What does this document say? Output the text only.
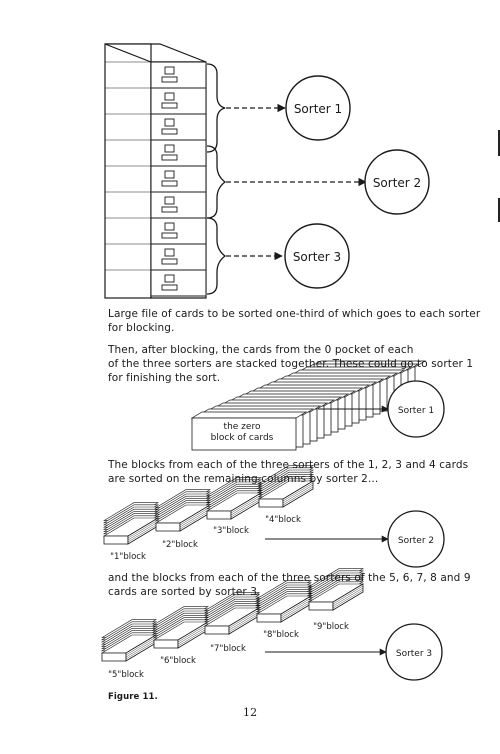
Sorter 1
Sorter 2
Sorter 3
the zero
block of cards
Sorter 1
"1"block
"2"block
"3"block
"4"block
Sorter 2
"5"block
"6"block
"7"block
"8"block
"9"block
Sorter 3

Large file of cards to be sorted one-third of which goes to each sorter

for blocking.

Then, after blocking, the cards from the 0 pocket of each

of the three sorters are stacked together. These could go to sorter 1

for finishing the sort.

The blocks from each of the three sorters of the 1, 2, 3 and 4 cards

are sorted on the remaining columns by sorter 2...

and the blocks from each of the three sorters of the 5, 6, 7, 8 and 9

cards are sorted by sorter 3.

Figure 11.

12
